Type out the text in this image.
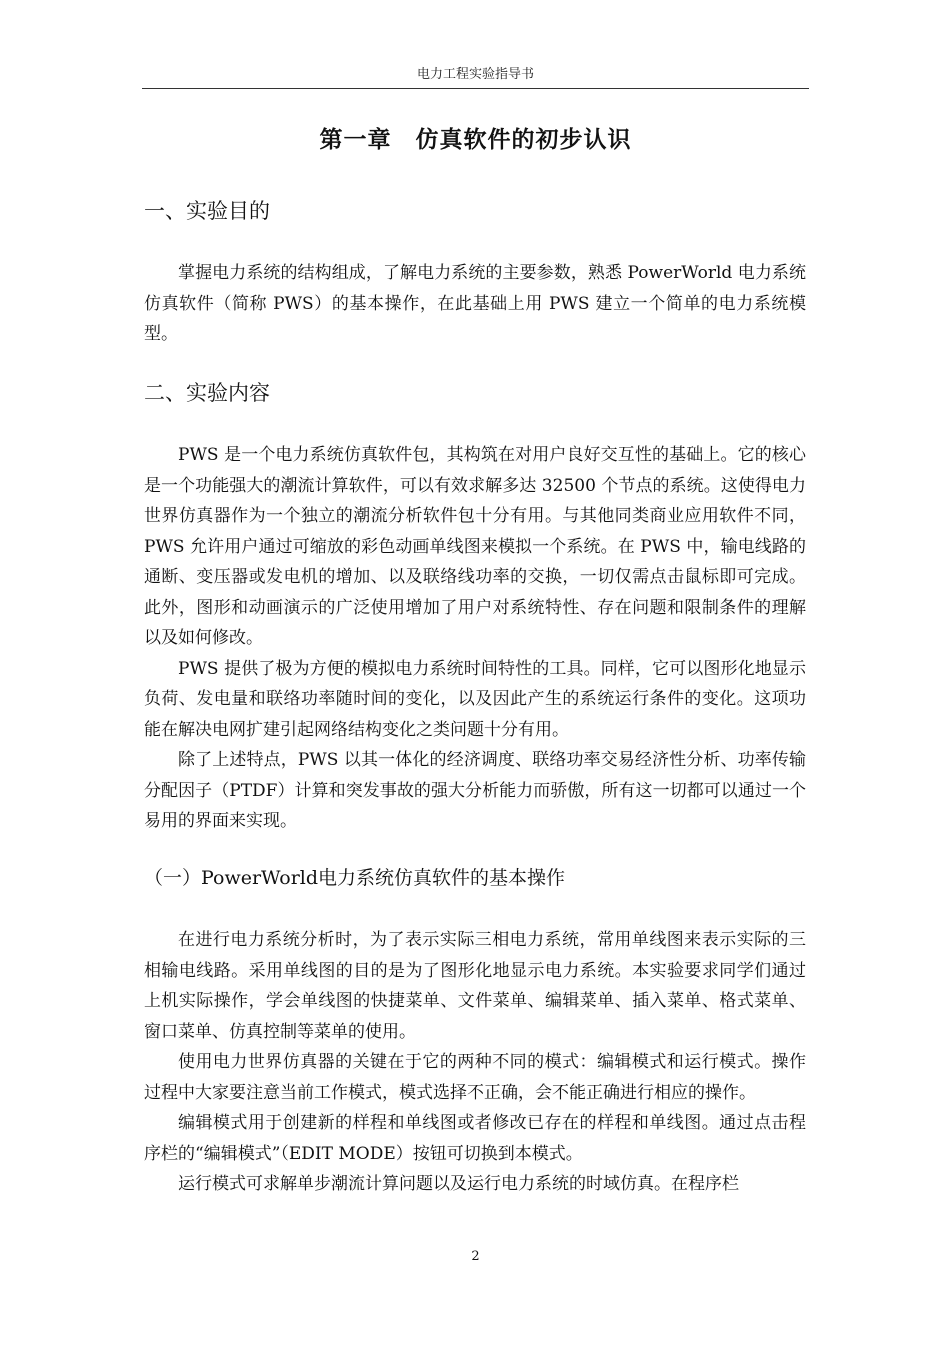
电力工程实验指导书
第一章　仿真软件的初步认识
一、实验目的

掌握电力系统的结构组成，了解电力系统的主要参数，熟悉 PowerWorld 电力系统仿真软件（简称 PWS）的基本操作，在此基础上用 PWS 建立一个简单的电力系统模型。

二、实验内容

PWS 是一个电力系统仿真软件包，其构筑在对用户良好交互性的基础上。它的核心是一个功能强大的潮流计算软件，可以有效求解多达 32500 个节点的系统。这使得电力世界仿真器作为一个独立的潮流分析软件包十分有用。与其他同类商业应用软件不同，PWS 允许用户通过可缩放的彩色动画单线图来模拟一个系统。在 PWS 中，输电线路的通断、变压器或发电机的增加、以及联络线功率的交换，一切仅需点击鼠标即可完成。此外，图形和动画演示的广泛使用增加了用户对系统特性、存在问题和限制条件的理解以及如何修改。

PWS 提供了极为方便的模拟电力系统时间特性的工具。同样，它可以图形化地显示负荷、发电量和联络功率随时间的变化，以及因此产生的系统运行条件的变化。这项功能在解决电网扩建引起网络结构变化之类问题十分有用。

除了上述特点，PWS 以其一体化的经济调度、联络功率交易经济性分析、功率传输分配因子（PTDF）计算和突发事故的强大分析能力而骄傲，所有这一切都可以通过一个易用的界面来实现。

（一）PowerWorld电力系统仿真软件的基本操作

在进行电力系统分析时，为了表示实际三相电力系统，常用单线图来表示实际的三相输电线路。采用单线图的目的是为了图形化地显示电力系统。本实验要求同学们通过上机实际操作，学会单线图的快捷菜单、文件菜单、编辑菜单、插入菜单、格式菜单、窗口菜单、仿真控制等菜单的使用。

使用电力世界仿真器的关键在于它的两种不同的模式：编辑模式和运行模式。操作过程中大家要注意当前工作模式，模式选择不正确，会不能正确进行相应的操作。

编辑模式用于创建新的样程和单线图或者修改已存在的样程和单线图。通过点击程序栏的“编辑模式”（EDIT MODE）按钮可切换到本模式。

运行模式可求解单步潮流计算问题以及运行电力系统的时域仿真。在程序栏

2
